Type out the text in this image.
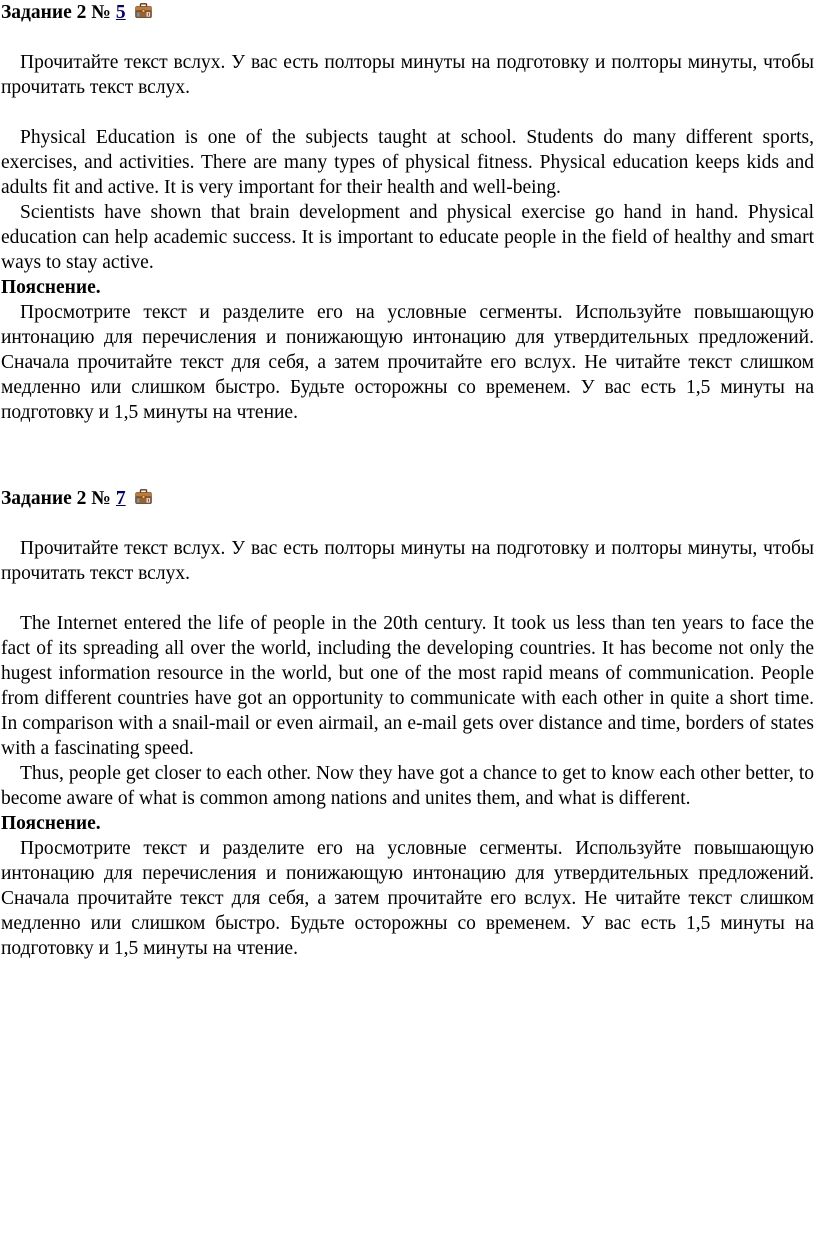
Задание 2 № 5

Прочитайте текст вслух. У вас есть полторы минуты на подготовку и полторы минуты, чтобы прочитать текст вслух.

Physical Education is one of the subjects taught at school. Students do many different sports, exercises, and activities. There are many types of physical fitness. Physical education keeps kids and adults fit and active. It is very important for their health and well-being.

Scientists have shown that brain development and physical exercise go hand in hand. Physical education can help academic success. It is important to educate people in the field of healthy and smart ways to stay active.

Пояснение.

Просмотрите текст и разделите его на условные сегменты. Используйте повышающую интонацию для перечисления и понижающую интонацию для утвердительных предложений. Сначала прочитайте текст для себя, а затем прочитайте его вслух. Не читайте текст слишком медленно или слишком быстро. Будьте осторожны со временем. У вас есть 1,5 минуты на подготовку и 1,5 минуты на чтение.

Задание 2 № 7

Прочитайте текст вслух. У вас есть полторы минуты на подготовку и полторы минуты, чтобы прочитать текст вслух.

The Internet entered the life of people in the 20th century. It took us less than ten years to face the fact of its spreading all over the world, including the developing countries. It has become not only the hugest information resource in the world, but one of the most rapid means of communication. People from different countries have got an opportunity to communicate with each other in quite a short time. In comparison with a snail-mail or even airmail, an e-mail gets over distance and time, borders of states with a fascinating speed.

Thus, people get closer to each other. Now they have got a chance to get to know each other better, to become aware of what is common among nations and unites them, and what is different.

Пояснение.

Просмотрите текст и разделите его на условные сегменты. Используйте повышающую интонацию для перечисления и понижающую интонацию для утвердительных предложений. Сначала прочитайте текст для себя, а затем прочитайте его вслух. Не читайте текст слишком медленно или слишком быстро. Будьте осторожны со временем. У вас есть 1,5 минуты на подготовку и 1,5 минуты на чтение.
